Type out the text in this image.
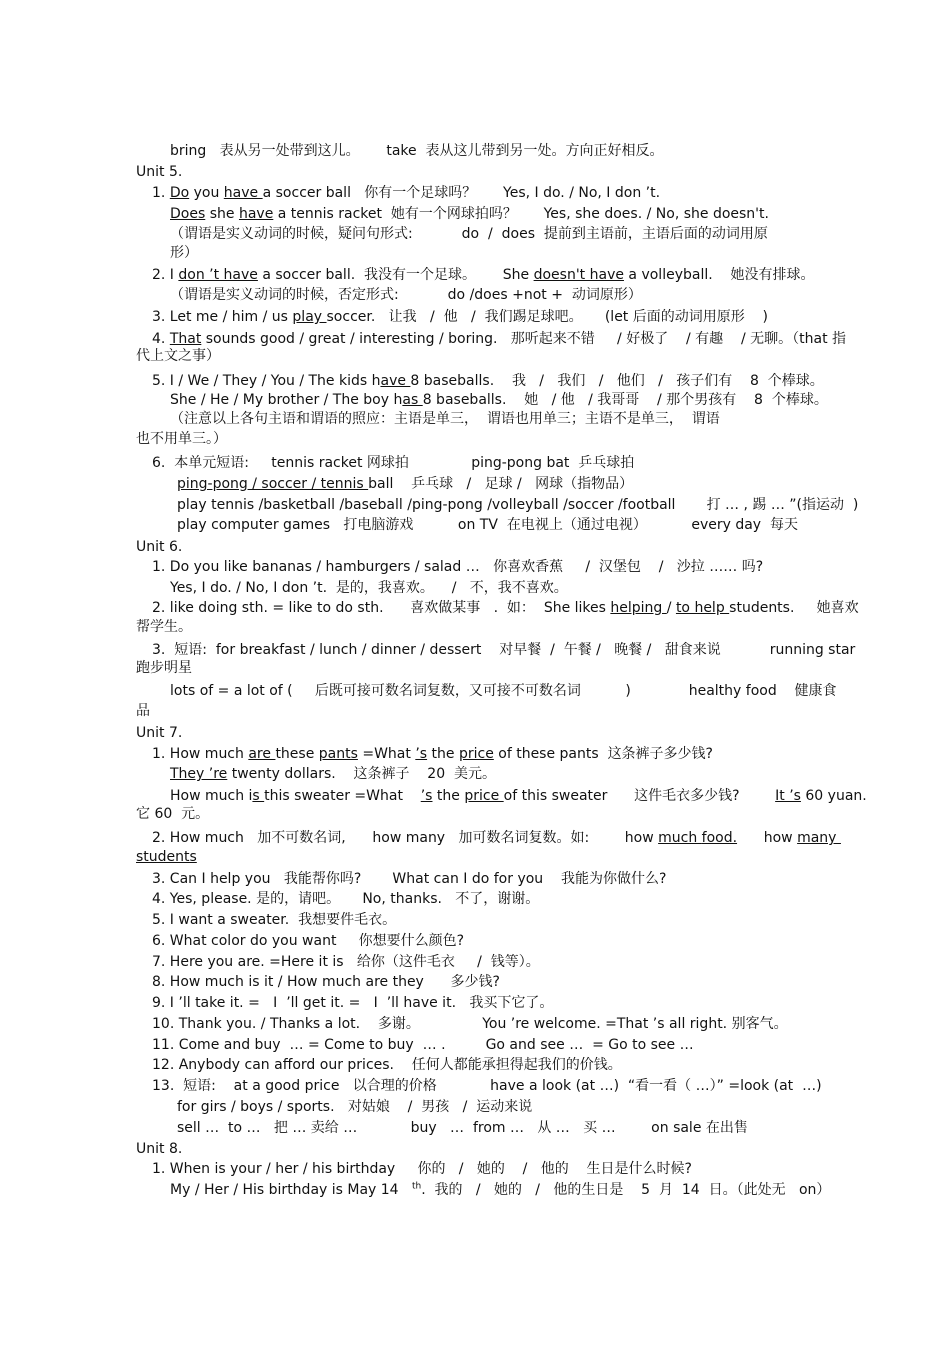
bring   表从另一处带到这儿。      take  表从这儿带到另一处。方向正好相反。
Unit 5.
1. Do you have a soccer ball   你有一个足球吗？      Yes, I do. / No, I don ’t.
Does she have a tennis racket  她有一个网球拍吗？      Yes, she does. / No, she doesn't.
（谓语是实义动词的时候，疑问句形式:           do  /  does  提前到主语前，主语后面的动词用原
形）
2. I don ’t have a soccer ball.  我没有一个足球。      She doesn't have a volleyball.    她没有排球。
（谓语是实义动词的时候，否定形式:           do /does +not +  动词原形）
3. Let me / him / us play soccer.   让我   /  他   /  我们踢足球吧。     (let 后面的动词用原形    )
4. That sounds good / great / interesting / boring.   那听起来不错     / 好极了    / 有趣    / 无聊。（that 指
代上文之事）
5. I / We / They / You / The kids have 8 baseballs.    我   /   我们   /   他们   /   孩子们有    8  个棒球。
She / He / My brother / The boy has 8 baseballs.    她   / 他   / 我哥哥    / 那个男孩有    8  个棒球。
（注意以上各句主语和谓语的照应：主语是单三，  谓语也用单三；主语不是单三，  谓语
也不用单三。）
6.  本单元短语:     tennis racket 网球拍              ping-pong bat  乒乓球拍
ping-pong / soccer / tennis ball    乒乓球   /   足球 /   网球（指物品）
play tennis /basketball /baseball /ping-pong /volleyball /soccer /football       打 … , 踢 … ”(指运动  )
play computer games   打电脑游戏          on TV  在电视上（通过电视）          every day  每天
Unit 6.
1. Do you like bananas / hamburgers / salad …   你喜欢香蕉     /  汉堡包    /   沙拉 …… 吗?
Yes, I do. / No, I don ’t.  是的，我喜欢。    /   不，我不喜欢。
2. like doing sth. = like to do sth.      喜欢做某事   .  如：  She likes helping / to help students.     她喜欢
帮学生。
3.  短语:  for breakfast / lunch / dinner / dessert    对早餐  /  午餐 /   晚餐 /   甜食来说           running star
跑步明星
lots of = a lot of (     后既可接可数名词复数，又可接不可数名词          )             healthy food    健康食
品
Unit 7.
1. How much are these pants =What ’s the price of these pants  这条裤子多少钱?
They ’re twenty dollars.    这条裤子    20  美元。
How much is this sweater =What    ’s the price of this sweater      这件毛衣多少钱?        It ’s 60 yuan.
它 60  元。
2. How much   加不可数名词,      how many   加可数名词复数。如:        how much food.      how many
students
3. Can I help you   我能帮你吗?       What can I do for you    我能为你做什么?
4. Yes, please. 是的，请吧。     No, thanks.   不了，谢谢。
5. I want a sweater.  我想要件毛衣。
6. What color do you want     你想要什么颜色?
7. Here you are. =Here it is   给你（这件毛衣     /  钱等）。
8. How much is it / How much are they      多少钱?
9. I ’ll take it. =   I  ’ll get it. =   I  ’ll have it.   我买下它了。
10. Thank you. / Thanks a lot.    多谢。              You ’re welcome. =That ’s all right. 别客气。
11. Come and buy  … = Come to buy  … .         Go and see …  = Go to see …
12. Anybody can afford our prices.    任何人都能承担得起我们的价钱。
13.  短语:    at a good price   以合理的价格            have a look (at …)  “看一看（ …）” =look (at  …)
for girs / boys / sports.   对姑娘    /  男孩   /  运动来说
sell …  to …   把 … 卖给 …            buy   …  from …   从 …   买 …        on sale 在出售
Unit 8.
1. When is your / her / his birthday     你的   /   她的    /   他的    生日是什么时候?
My / Her / His birthday is May 14   $^{th}$.  我的   /   她的   /   他的生日是    5  月  14  日。（此处无   on）
